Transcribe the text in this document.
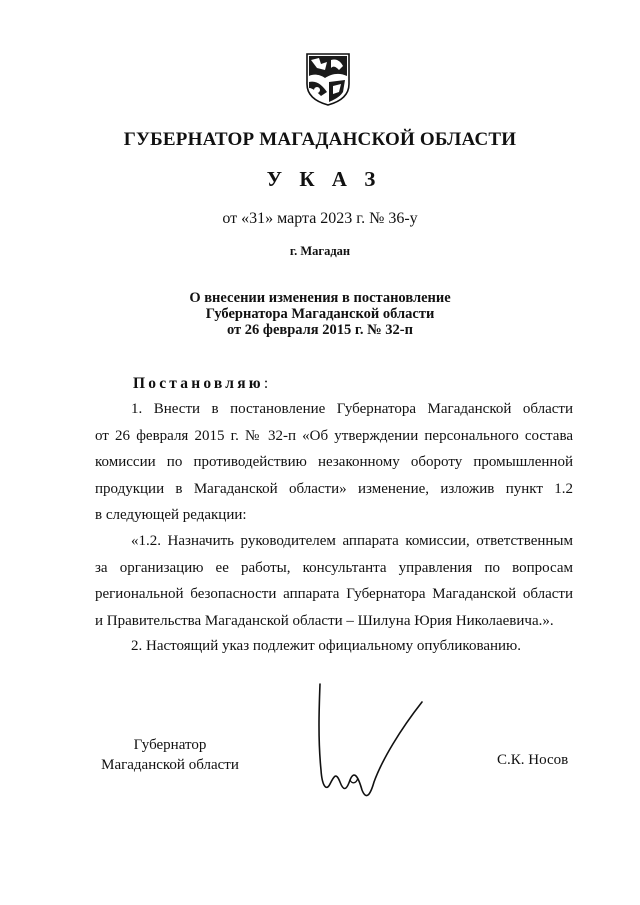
ГУБЕРНАТОР МАГАДАНСКОЙ ОБЛАСТИ
У К А З
от «31» марта 2023 г. № 36-у
г. Магадан
О внесении изменения в постановление
Губернатора Магаданской области
от 26 февраля 2015 г. № 32-п
Постановляю:
1. Внести в постановление Губернатора Магаданской области
от 26 февраля 2015 г. № 32-п «Об утверждении персонального состава
комиссии по противодействию незаконному обороту промышленной
продукции в Магаданской области» изменение, изложив пункт 1.2
в следующей редакции:
«1.2. Назначить руководителем аппарата комиссии, ответственным
за организацию ее работы, консультанта управления по вопросам
региональной безопасности аппарата Губернатора Магаданской области
и Правительства Магаданской области – Шилуна Юрия Николаевича.».
2. Настоящий указ подлежит официальному опубликованию.
Губернатор
Магаданской области	С.К. Носов
